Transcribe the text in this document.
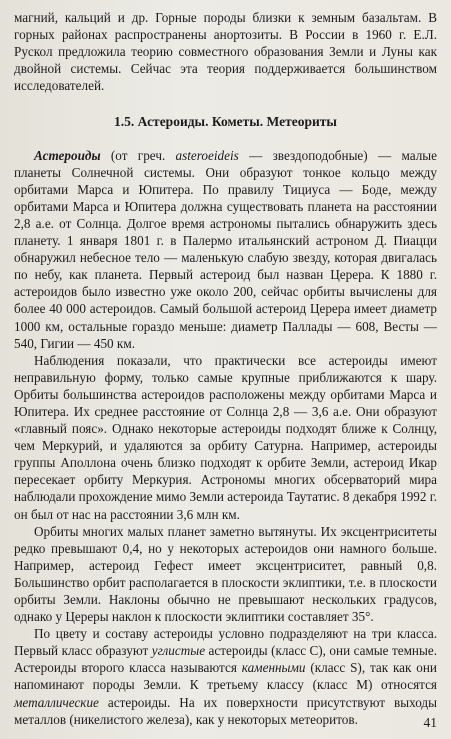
магний, кальций и др. Горные породы близки к земным базальтам. В горных районах распространены анортозиты. В России в 1960 г. Е.Л. Рускол предложила теорию совместного образования Земли и Луны как двойной системы. Сейчас эта теория поддерживается большинством исследователей.

1.5. Астероиды. Кометы. Метеориты

Астероиды (от греч. asteroeideis — звездоподобные) — малые планеты Солнечной системы. Они образуют тонкое кольцо между орбитами Марса и Юпитера. По правилу Тициуса — Боде, между орбитами Марса и Юпитера должна существовать планета на расстоянии 2,8 а.е. от Солнца. Долгое время астрономы пытались обнаружить здесь планету. 1 января 1801 г. в Палермо итальянский астроном Д. Пиацци обнаружил небесное тело — маленькую слабую звезду, которая двигалась по небу, как планета. Первый астероид был назван Церера. К 1880 г. астероидов было известно уже около 200, сейчас орбиты вычислены для более 40 000 астероидов. Самый большой астероид Церера имеет диаметр 1000 км, остальные гораздо меньше: диаметр Паллады — 608, Весты — 540, Гигии — 450 км.

Наблюдения показали, что практически все астероиды имеют неправильную форму, только самые крупные приближаются к шару. Орбиты большинства астероидов расположены между орбитами Марса и Юпитера. Их среднее расстояние от Солнца 2,8 — 3,6 а.е. Они образуют «главный пояс». Однако некоторые астероиды подходят ближе к Солнцу, чем Меркурий, и удаляются за орбиту Сатурна. Например, астероиды группы Аполлона очень близко подходят к орбите Земли, астероид Икар пересекает орбиту Меркурия. Астрономы многих обсерваторий мира наблюдали прохождение мимо Земли астероида Таутатис. 8 декабря 1992 г. он был от нас на расстоянии 3,6 млн км.

Орбиты многих малых планет заметно вытянуты. Их эксцентриситеты редко превышают 0,4, но у некоторых астероидов они намного больше. Например, астероид Гефест имеет эксцентриситет, равный 0,8. Большинство орбит располагается в плоскости эклиптики, т.е. в плоскости орбиты Земли. Наклоны обычно не превышают нескольких градусов, однако у Цереры наклон к плоскости эклиптики составляет 35°.

По цвету и составу астероиды условно подразделяют на три класса. Первый класс образуют углистые астероиды (класс С), они самые темные. Астероиды второго класса называются каменными (класс S), так как они напоминают породы Земли. К третьему классу (класс М) относятся металлические астероиды. На их поверхности присутствуют выходы металлов (никелистого железа), как у некоторых метеоритов.	41
